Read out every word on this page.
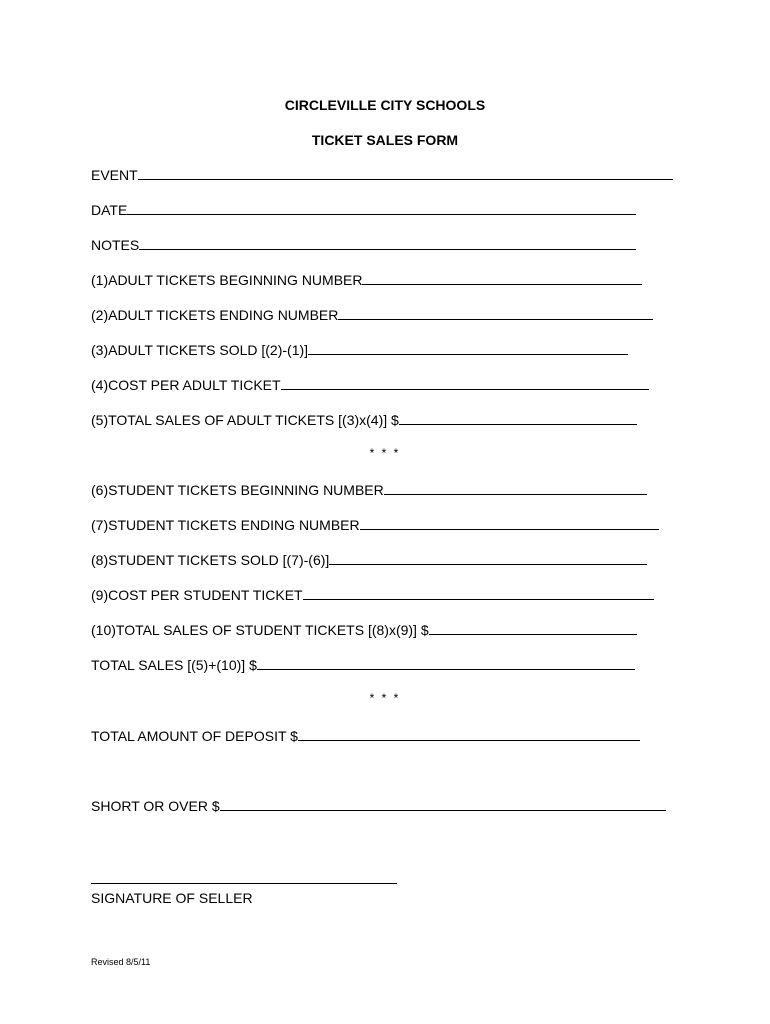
CIRCLEVILLE CITY SCHOOLS
TICKET SALES FORM
EVENT
DATE
NOTES
(1)ADULT TICKETS BEGINNING NUMBER
(2)ADULT TICKETS ENDING NUMBER
(3)ADULT TICKETS SOLD [(2)-(1)]
(4)COST PER ADULT TICKET
(5)TOTAL SALES OF ADULT TICKETS [(3)x(4)] $
* * *
(6)STUDENT TICKETS BEGINNING NUMBER
(7)STUDENT TICKETS ENDING NUMBER
(8)STUDENT TICKETS SOLD [(7)-(6)]
(9)COST PER STUDENT TICKET
(10)TOTAL SALES OF STUDENT TICKETS [(8)x(9)] $
TOTAL SALES [(5)+(10)] $
* * *
TOTAL AMOUNT OF DEPOSIT $
SHORT OR OVER $
SIGNATURE OF SELLER
Revised 8/5/11
